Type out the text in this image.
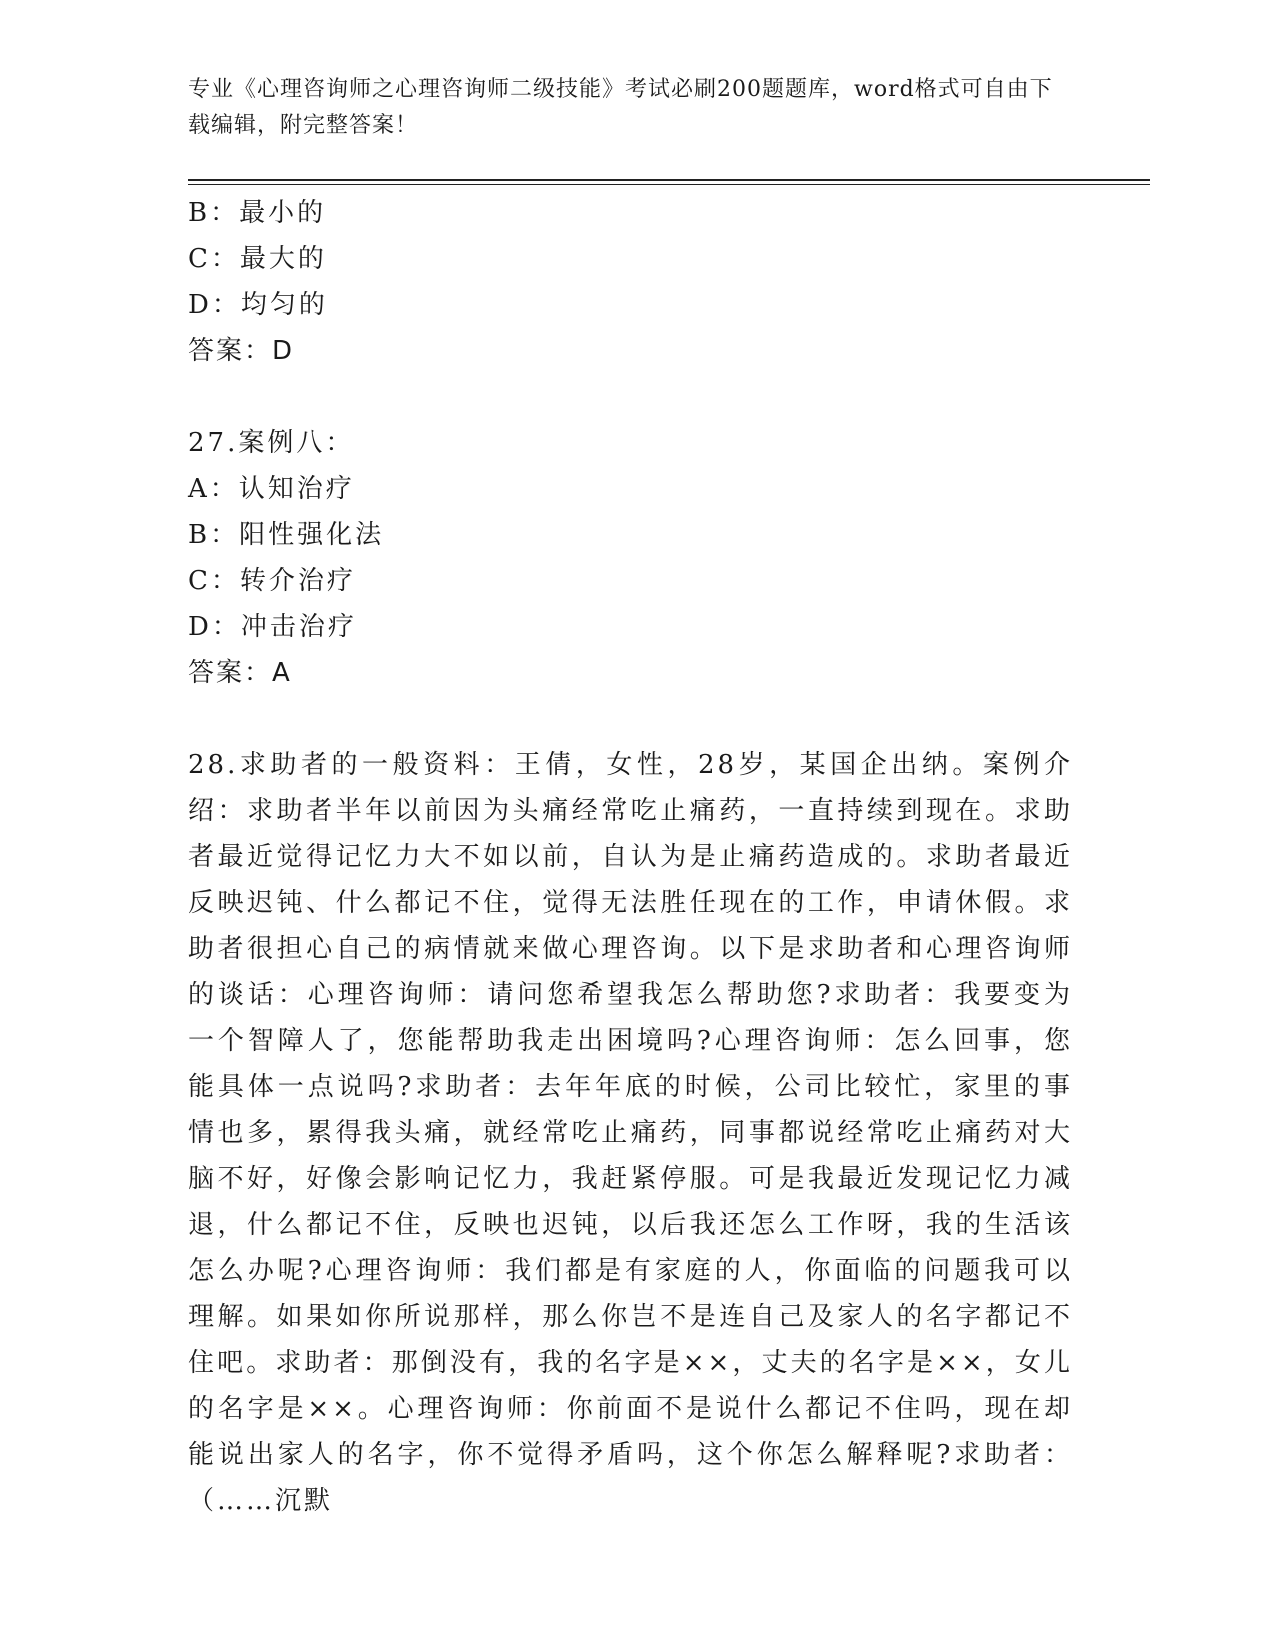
专业《心理咨询师之心理咨询师二级技能》考试必刷200题题库，word格式可自由下载编辑，附完整答案！
B：最小的
C：最大的
D：均匀的
答案：D
27.案例八：
A：认知治疗
B：阳性强化法
C：转介治疗
D：冲击治疗
答案：A
28.求助者的一般资料：王倩，女性，28岁，某国企出纳。案例介绍：求助者半年以前因为头痛经常吃止痛药，一直持续到现在。求助者最近觉得记忆力大不如以前，自认为是止痛药造成的。求助者最近反映迟钝、什么都记不住，觉得无法胜任现在的工作，申请休假。求助者很担心自己的病情就来做心理咨询。以下是求助者和心理咨询师的谈话：心理咨询师：请问您希望我怎么帮助您?求助者：我要变为一个智障人了，您能帮助我走出困境吗?心理咨询师：怎么回事，您能具体一点说吗?求助者：去年年底的时候，公司比较忙，家里的事情也多，累得我头痛，就经常吃止痛药，同事都说经常吃止痛药对大脑不好，好像会影响记忆力，我赶紧停服。可是我最近发现记忆力减退，什么都记不住，反映也迟钝，以后我还怎么工作呀，我的生活该怎么办呢?心理咨询师：我们都是有家庭的人，你面临的问题我可以理解。如果如你所说那样，那么你岂不是连自己及家人的名字都记不住吧。求助者：那倒没有，我的名字是××，丈夫的名字是××，女儿的名字是××。心理咨询师：你前面不是说什么都记不住吗，现在却能说出家人的名字，你不觉得矛盾吗，这个你怎么解释呢?求助者：（……沉默
